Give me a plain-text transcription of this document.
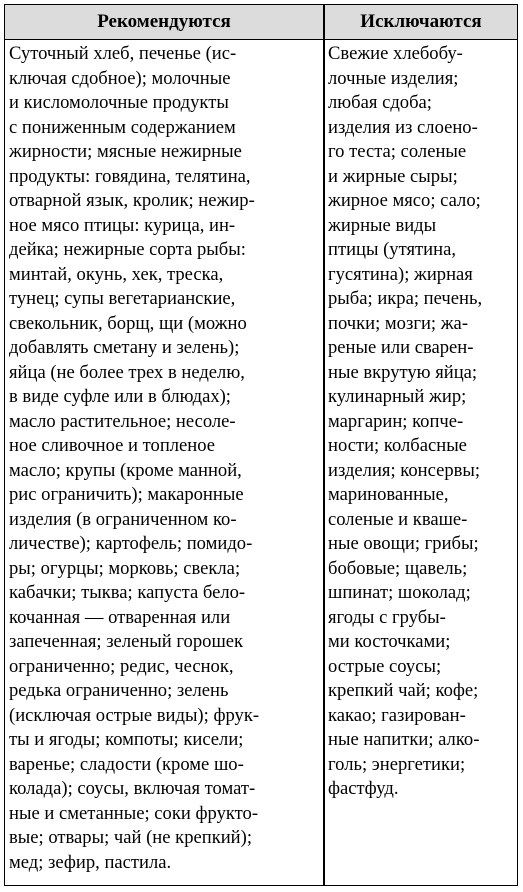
Рекомендуются	Исключаются
Суточный хлеб, печенье (ис-
ключая сдобное); молочные
и кисломолочные продукты
с пониженным содержанием
жирности; мясные нежирные
продукты: говядина, телятина,
отварной язык, кролик; нежир-
ное мясо птицы: курица, ин-
дейка; нежирные сорта рыбы:
минтай, окунь, хек, треска,
тунец; супы вегетарианские,
свекольник, борщ, щи (можно
добавлять сметану и зелень);
яйца (не более трех в неделю,
в виде суфле или в блюдах);
масло растительное; несоле-
ное сливочное и топленое
масло; крупы (кроме манной,
рис ограничить); макаронные
изделия (в ограниченном ко-
личестве); картофель; помидо-
ры; огурцы; морковь; свекла;
кабачки; тыква; капуста бело-
кочанная — отваренная или
запеченная; зеленый горошек
ограниченно; редис, чеснок,
редька ограниченно; зелень
(исключая острые виды); фрук-
ты и ягоды; компоты; кисели;
варенье; сладости (кроме шо-
колада); соусы, включая томат-
ные и сметанные; соки фрукто-
вые; отвары; чай (не крепкий);
мед; зефир, пастила.
Свежие хлебобу-
лочные изделия;
любая сдоба;
изделия из слоено-
го теста; соленые
и жирные сыры;
жирное мясо; сало;
жирные виды
птицы (утятина,
гусятина); жирная
рыба; икра; печень,
почки; мозги; жа-
реные или сварен-
ные вкрутую яйца;
кулинарный жир;
маргарин; копче-
ности; колбасные
изделия; консервы;
маринованные,
соленые и кваше-
ные овощи; грибы;
бобовые; щавель;
шпинат; шоколад;
ягоды с грубы-
ми косточками;
острые соусы;
крепкий чай; кофе;
какао; газирован-
ные напитки; алко-
голь; энергетики;
фастфуд.
